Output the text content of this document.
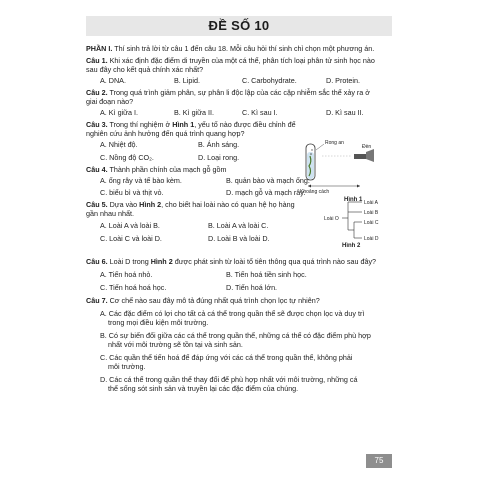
ĐỀ SỐ 10
PHẦN I. Thí sinh trả lời từ câu 1 đến câu 18. Mỗi câu hỏi thí sinh chỉ chọn một phương án.
Câu 1. Khi xác định đặc điểm di truyền của một cá thể, phân tích loại phân tử sinh học nào
sau đây cho kết quả chính xác nhất?
A. DNA.	B. Lipid.	C. Carbohydrate.	D. Protein.
Câu 2. Trong quá trình giảm phân, sự phân li độc lập của các cặp nhiễm sắc thể xảy ra ở
giai đoạn nào?
A. Kì giữa I.	B. Kì giữa II.	C. Kì sau I.	D. Kì sau II.
Câu 3. Trong thí nghiệm ở Hình 1, yếu tố nào được điều chỉnh để
nghiên cứu ảnh hưởng đến quá trình quang hợp?
A. Nhiệt độ.	B. Ánh sáng.
C. Nồng độ CO₂.	D. Loại rong.
Rong an
Đèn
Khoảng cách
Hình 1
Câu 4. Thành phần chính của mạch gỗ gồm
A. ống rây và tế bào kèm.	B. quản bào và mạch ống.
C. biểu bì và thịt vỏ.	D. mạch gỗ và mạch rây.
Câu 5. Dựa vào Hình 2, cho biết hai loài nào có quan hệ họ hàng
gần nhau nhất.
A. Loài A và loài B.	B. Loài A và loài C.
C. Loài C và loài D.	D. Loài B và loài D.
Loài O
Loài A
Loài B
Loài C
Loài D
Hình 2
Câu 6. Loài D trong Hình 2 được phát sinh từ loài tổ tiên thông qua quá trình nào sau đây?
A. Tiến hoá nhỏ.	B. Tiến hoá tiền sinh học.
C. Tiến hoá hoá học.	D. Tiến hoá lớn.
Câu 7. Cơ chế nào sau đây mô tả đúng nhất quá trình chọn lọc tự nhiên?
A. Các đặc điểm có lợi cho tất cả cá thể trong quần thể sẽ được chọn lọc và duy trì
trong mọi điều kiện môi trường.
B. Có sự biến đổi giữa các cá thể trong quần thể, những cá thể có đặc điểm phù hợp
nhất với môi trường sẽ tồn tại và sinh sản.
C. Các quần thể tiến hoá để đáp ứng với các cá thể trong quần thể, không phải
môi trường.
D. Các cá thể trong quần thể thay đổi để phù hợp nhất với môi trường, những cá
thể sống sót sinh sản và truyền lại các đặc điểm của chúng.
75
